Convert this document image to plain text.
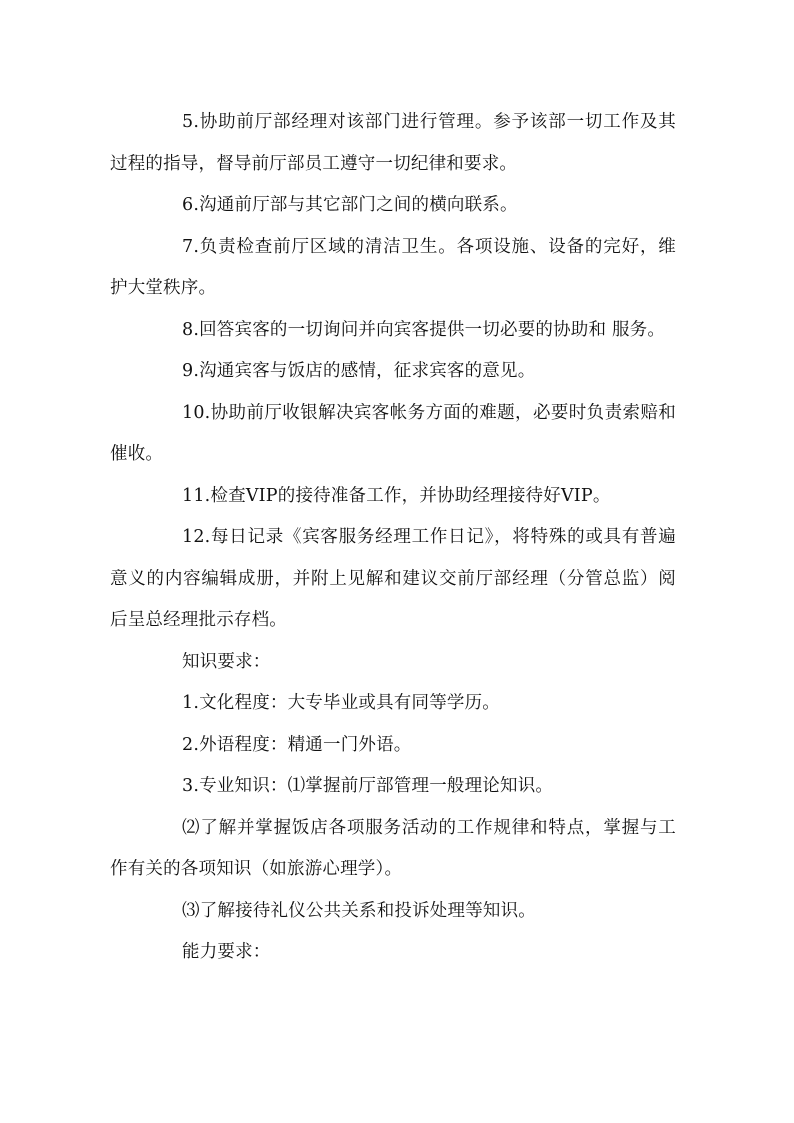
5.协助前厅部经理对该部门进行管理。参予该部一切工作及其过程的指导，督导前厅部员工遵守一切纪律和要求。

6.沟通前厅部与其它部门之间的横向联系。

7.负责检查前厅区域的清洁卫生。各项设施、设备的完好，维护大堂秩序。

8.回答宾客的一切询问并向宾客提供一切必要的协助和 服务。

9.沟通宾客与饭店的感情，征求宾客的意见。

10.协助前厅收银解决宾客帐务方面的难题，必要时负责索赔和催收。

11.检查VIP的接待准备工作，并协助经理接待好VIP。

12.每日记录《宾客服务经理工作日记》，将特殊的或具有普遍意义的内容编辑成册，并附上见解和建议交前厅部经理（分管总监）阅后呈总经理批示存档。

知识要求：

1.文化程度：大专毕业或具有同等学历。

2.外语程度：精通一门外语。

3.专业知识：⑴掌握前厅部管理一般理论知识。

⑵了解并掌握饭店各项服务活动的工作规律和特点，掌握与工作有关的各项知识（如旅游心理学）。

⑶了解接待礼仪公共关系和投诉处理等知识。

能力要求：
